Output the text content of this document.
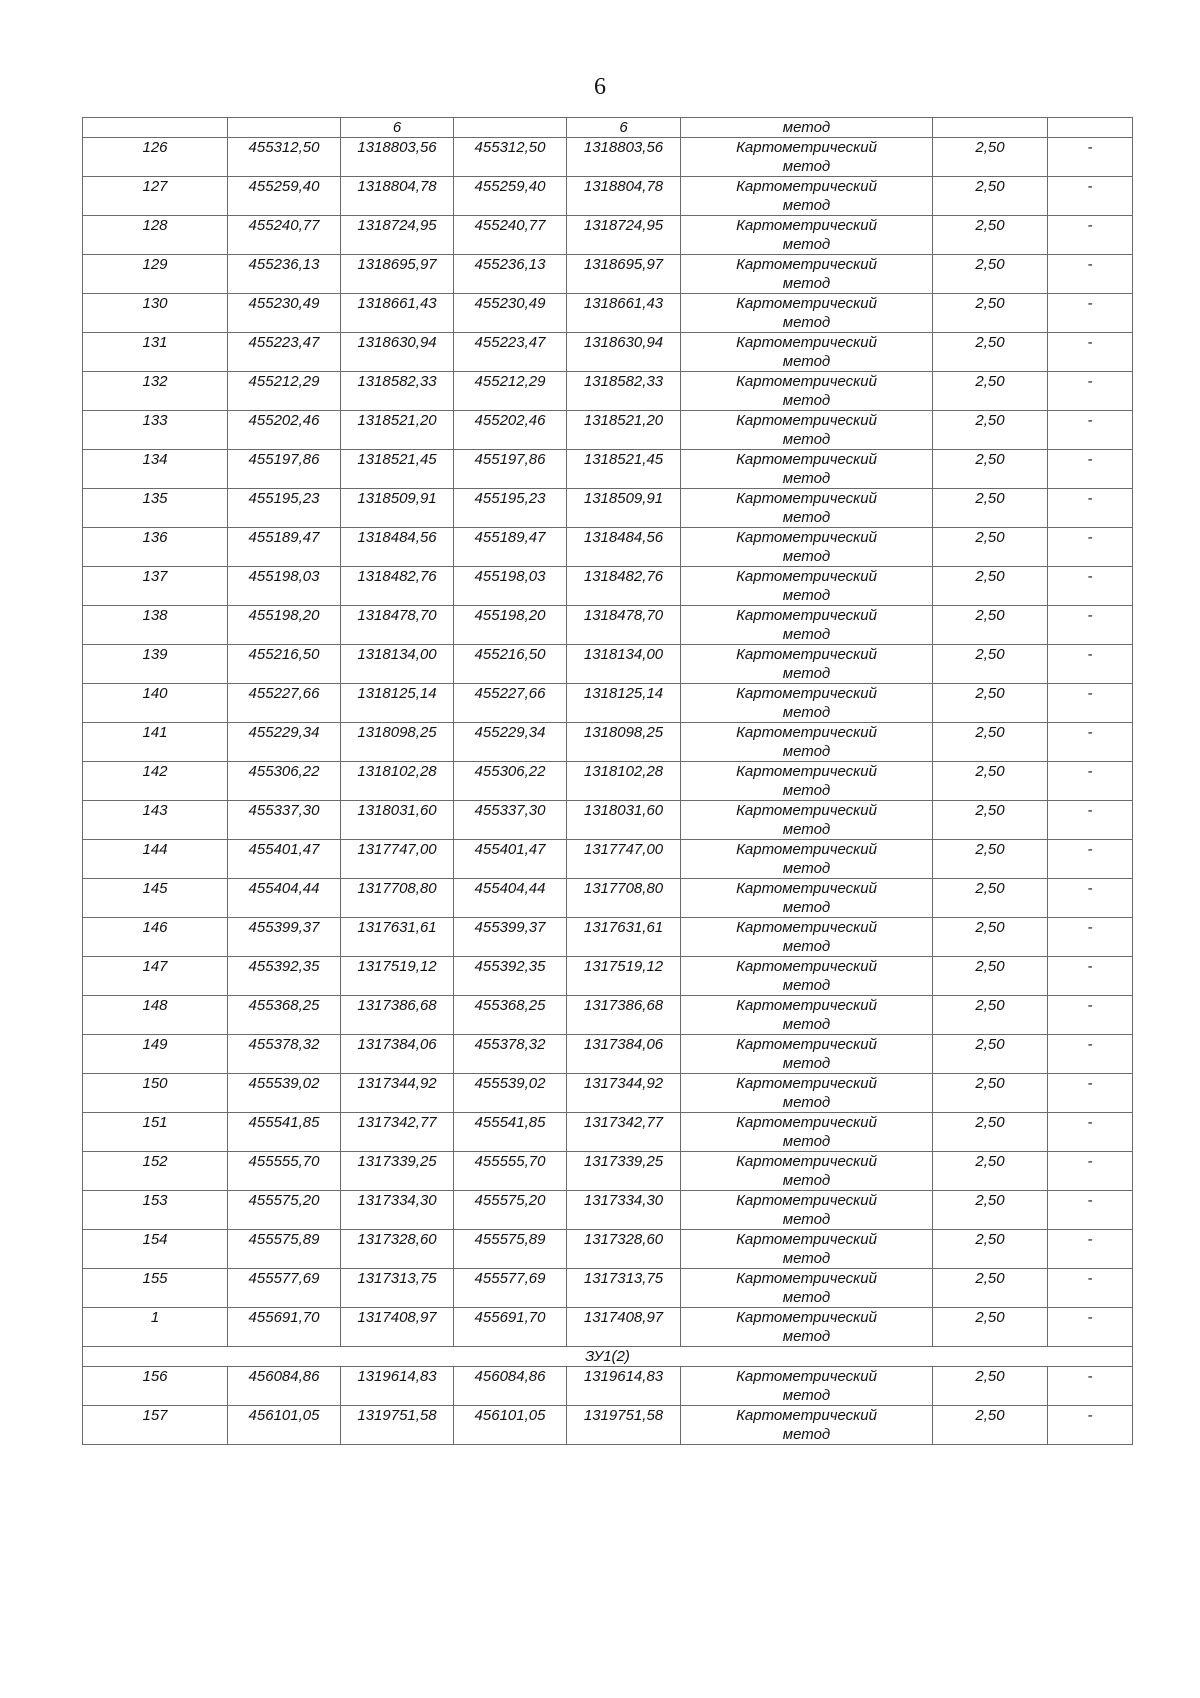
6
		6		6	метод		
126	455312,50	1318803,56	455312,50	1318803,56	Картометрический метод	2,50	-
127	455259,40	1318804,78	455259,40	1318804,78	Картометрический метод	2,50	-
128	455240,77	1318724,95	455240,77	1318724,95	Картометрический метод	2,50	-
129	455236,13	1318695,97	455236,13	1318695,97	Картометрический метод	2,50	-
130	455230,49	1318661,43	455230,49	1318661,43	Картометрический метод	2,50	-
131	455223,47	1318630,94	455223,47	1318630,94	Картометрический метод	2,50	-
132	455212,29	1318582,33	455212,29	1318582,33	Картометрический метод	2,50	-
133	455202,46	1318521,20	455202,46	1318521,20	Картометрический метод	2,50	-
134	455197,86	1318521,45	455197,86	1318521,45	Картометрический метод	2,50	-
135	455195,23	1318509,91	455195,23	1318509,91	Картометрический метод	2,50	-
136	455189,47	1318484,56	455189,47	1318484,56	Картометрический метод	2,50	-
137	455198,03	1318482,76	455198,03	1318482,76	Картометрический метод	2,50	-
138	455198,20	1318478,70	455198,20	1318478,70	Картометрический метод	2,50	-
139	455216,50	1318134,00	455216,50	1318134,00	Картометрический метод	2,50	-
140	455227,66	1318125,14	455227,66	1318125,14	Картометрический метод	2,50	-
141	455229,34	1318098,25	455229,34	1318098,25	Картометрический метод	2,50	-
142	455306,22	1318102,28	455306,22	1318102,28	Картометрический метод	2,50	-
143	455337,30	1318031,60	455337,30	1318031,60	Картометрический метод	2,50	-
144	455401,47	1317747,00	455401,47	1317747,00	Картометрический метод	2,50	-
145	455404,44	1317708,80	455404,44	1317708,80	Картометрический метод	2,50	-
146	455399,37	1317631,61	455399,37	1317631,61	Картометрический метод	2,50	-
147	455392,35	1317519,12	455392,35	1317519,12	Картометрический метод	2,50	-
148	455368,25	1317386,68	455368,25	1317386,68	Картометрический метод	2,50	-
149	455378,32	1317384,06	455378,32	1317384,06	Картометрический метод	2,50	-
150	455539,02	1317344,92	455539,02	1317344,92	Картометрический метод	2,50	-
151	455541,85	1317342,77	455541,85	1317342,77	Картометрический метод	2,50	-
152	455555,70	1317339,25	455555,70	1317339,25	Картометрический метод	2,50	-
153	455575,20	1317334,30	455575,20	1317334,30	Картометрический метод	2,50	-
154	455575,89	1317328,60	455575,89	1317328,60	Картометрический метод	2,50	-
155	455577,69	1317313,75	455577,69	1317313,75	Картометрический метод	2,50	-
1	455691,70	1317408,97	455691,70	1317408,97	Картометрический метод	2,50	-
ЗУ1(2)							
156	456084,86	1319614,83	456084,86	1319614,83	Картометрический метод	2,50	-
157	456101,05	1319751,58	456101,05	1319751,58	Картометрический метод	2,50	-
